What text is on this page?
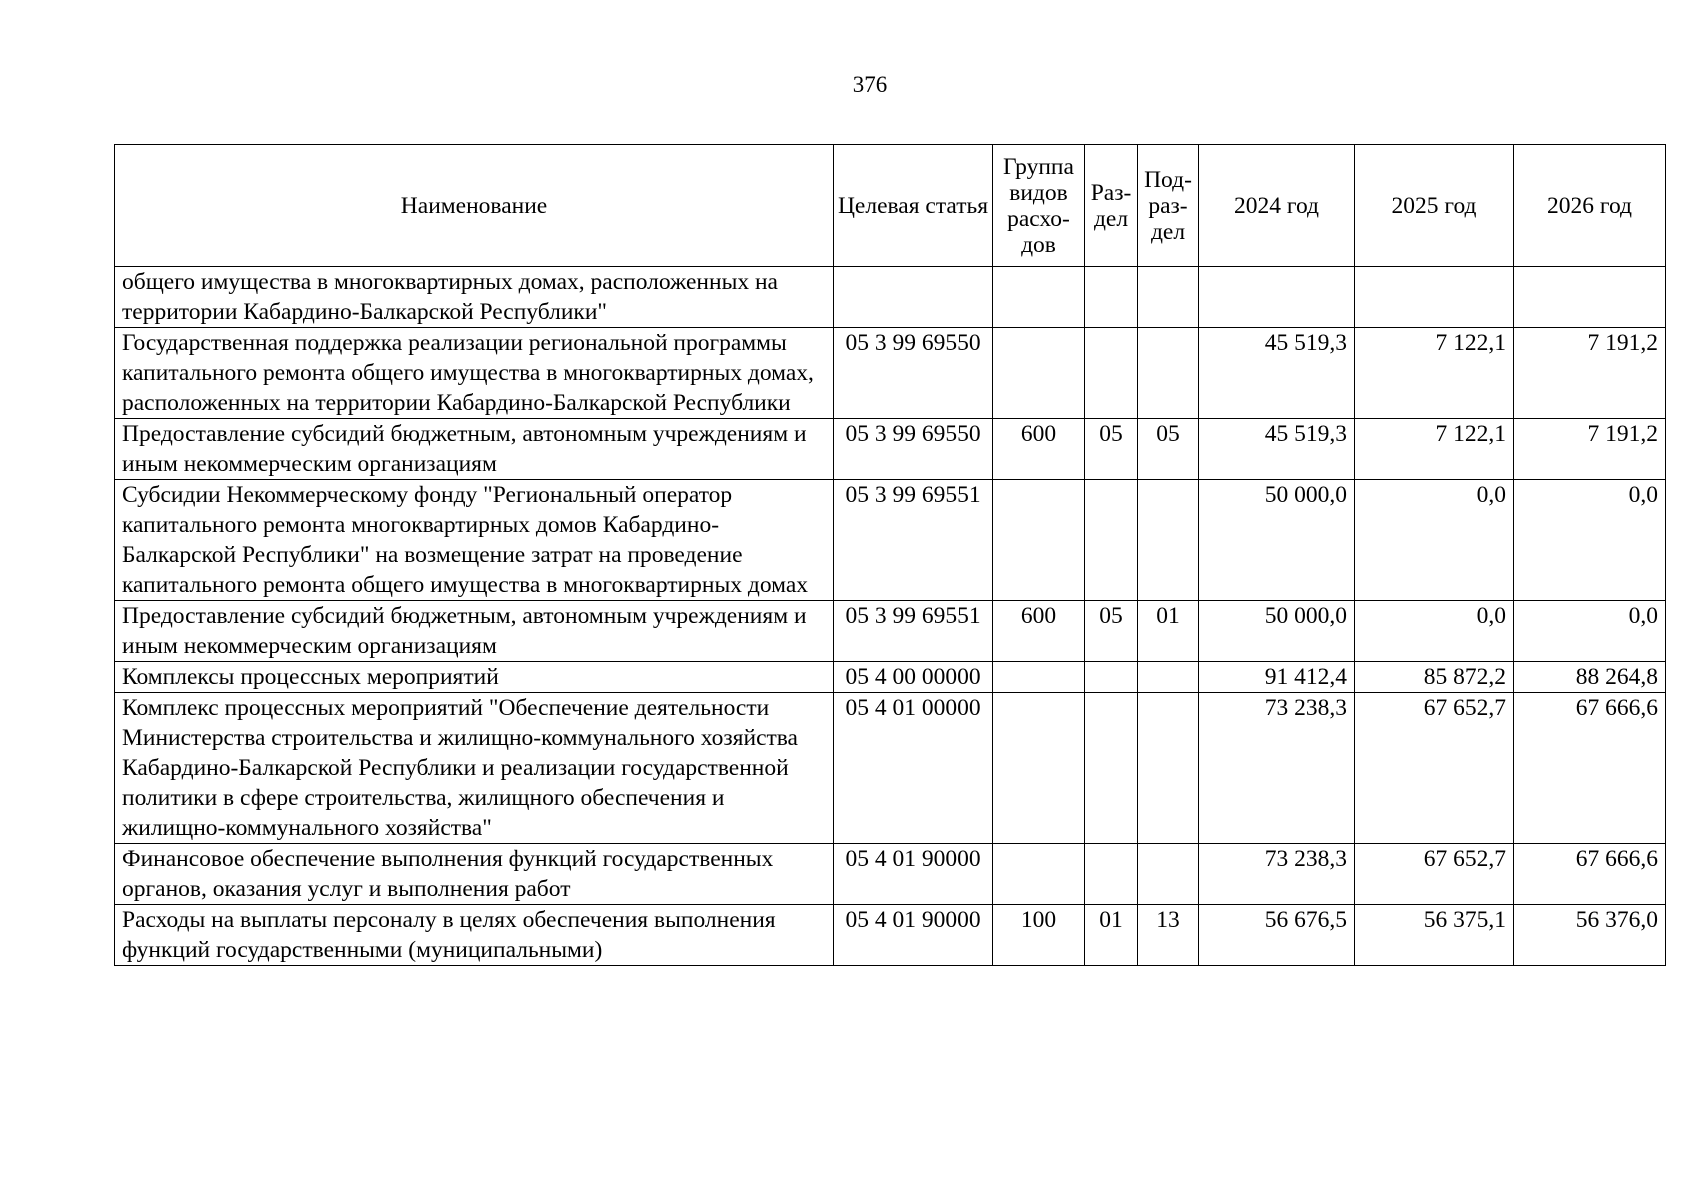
376
Наименование	Целевая статья	Группа видов расхо-дов	Раз-дел	Под-раз-дел	2024 год	2025 год	2026 год
общего имущества в многоквартирных домах, расположенных на территории Кабардино-Балкарской Республики"							
Государственная поддержка реализации региональной программы капитального ремонта общего имущества в многоквартирных домах, расположенных на территории Кабардино-Балкарской Республики	05 3 99 69550				45 519,3	7 122,1	7 191,2
Предоставление субсидий бюджетным, автономным учреждениям и иным некоммерческим организациям	05 3 99 69550	600	05	05	45 519,3	7 122,1	7 191,2
Субсидии Некоммерческому фонду "Региональный оператор капитального ремонта многоквартирных домов Кабардино-Балкарской Республики" на возмещение затрат на проведение капитального ремонта общего имущества в многоквартирных домах	05 3 99 69551				50 000,0	0,0	0,0
Предоставление субсидий бюджетным, автономным учреждениям и иным некоммерческим организациям	05 3 99 69551	600	05	01	50 000,0	0,0	0,0
Комплексы процессных мероприятий	05 4 00 00000				91 412,4	85 872,2	88 264,8
Комплекс процессных мероприятий "Обеспечение деятельности Министерства строительства и жилищно-коммунального хозяйства Кабардино-Балкарской Республики и реализации государственной политики в сфере строительства, жилищного обеспечения и жилищно-коммунального хозяйства"	05 4 01 00000				73 238,3	67 652,7	67 666,6
Финансовое обеспечение выполнения функций государственных органов, оказания услуг и выполнения работ	05 4 01 90000				73 238,3	67 652,7	67 666,6
Расходы на выплаты персоналу в целях обеспечения выполнения функций государственными (муниципальными)	05 4 01 90000	100	01	13	56 676,5	56 375,1	56 376,0
